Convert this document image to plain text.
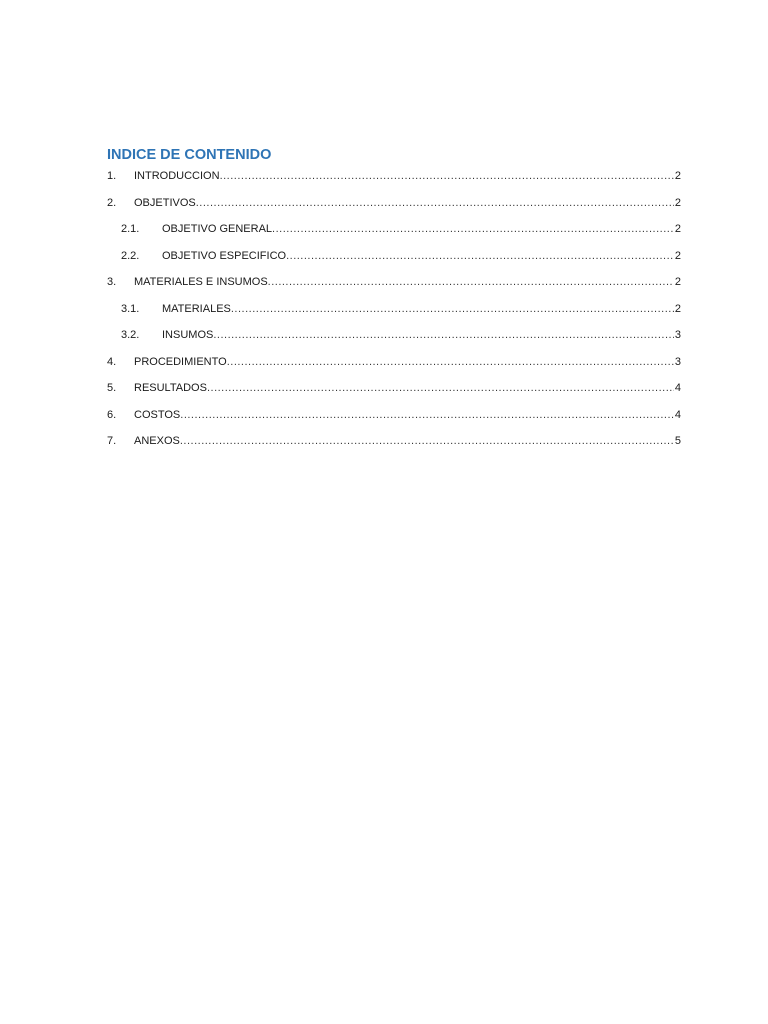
INDICE DE CONTENIDO
1.	INTRODUCCION .....	2
2.	OBJETIVOS .....	2
2.1.	OBJETIVO GENERAL .....	2
2.2.	OBJETIVO ESPECIFICO .....	2
3.	MATERIALES E INSUMOS .....	2
3.1.	MATERIALES .....	2
3.2.	INSUMOS .....	3
4.	PROCEDIMIENTO .....	3
5.	RESULTADOS .....	4
6.	COSTOS .....	4
7.	ANEXOS .....	5
